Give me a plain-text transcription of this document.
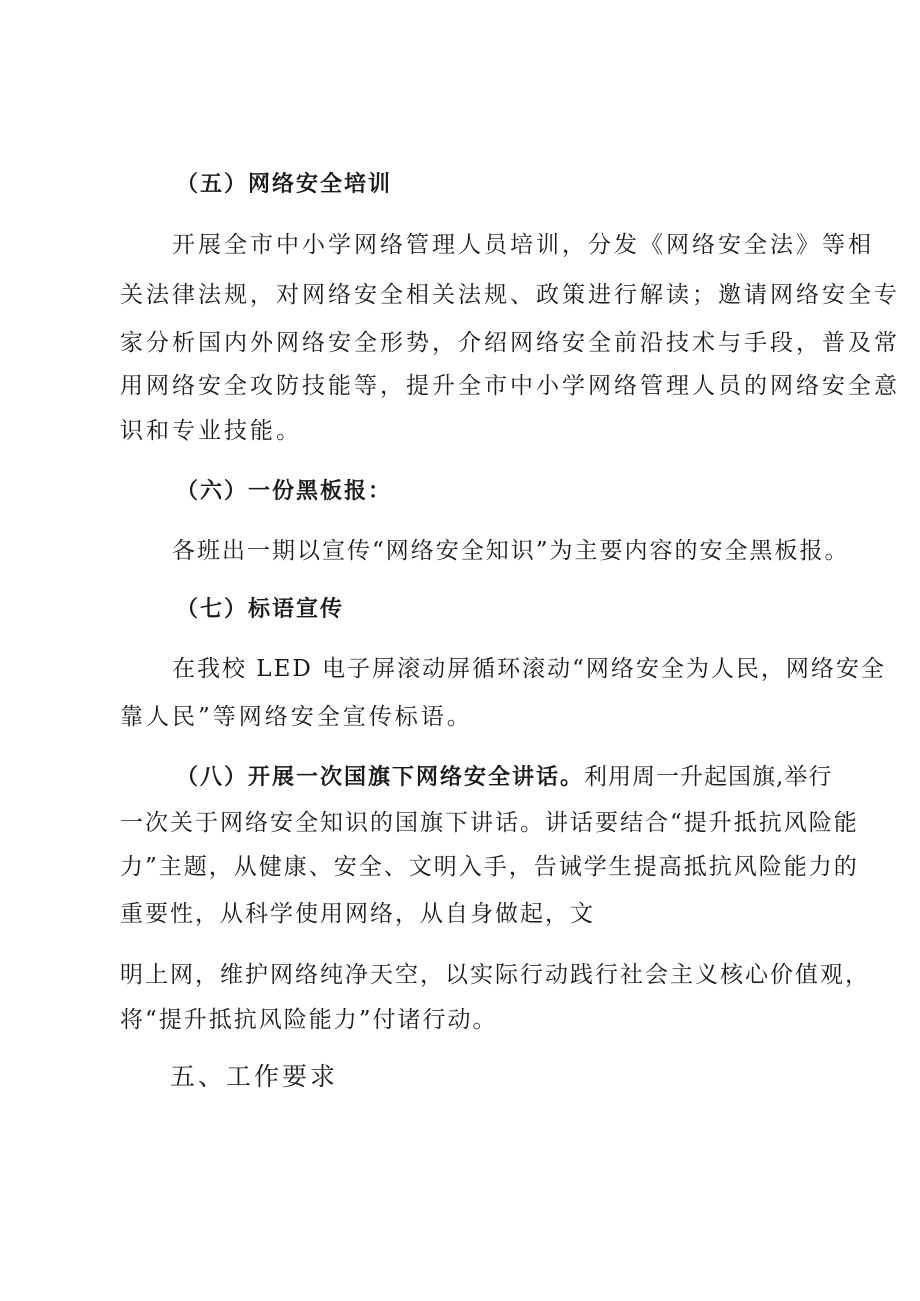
（五）网络安全培训
开展全市中小学网络管理人员培训，分发《网络安全法》等相
关法律法规，对网络安全相关法规、政策进行解读；邀请网络安全专
家分析国内外网络安全形势，介绍网络安全前沿技术与手段，普及常
用网络安全攻防技能等，提升全市中小学网络管理人员的网络安全意
识和专业技能。
（六）一份黑板报：
各班出一期以宣传“网络安全知识”为主要内容的安全黑板报。
（七）标语宣传
在我校 LED 电子屏滚动屏循环滚动“网络安全为人民，网络安全
靠人民”等网络安全宣传标语。
（八）开展一次国旗下网络安全讲话。利用周一升起国旗,举行
一次关于网络安全知识的国旗下讲话。讲话要结合“提升抵抗风险能
力”主题，从健康、安全、文明入手，告诫学生提高抵抗风险能力的
重要性，从科学使用网络，从自身做起，文
明上网，维护网络纯净天空，以实际行动践行社会主义核心价值观，
将“提升抵抗风险能力”付诸行动。
五、工作要求
